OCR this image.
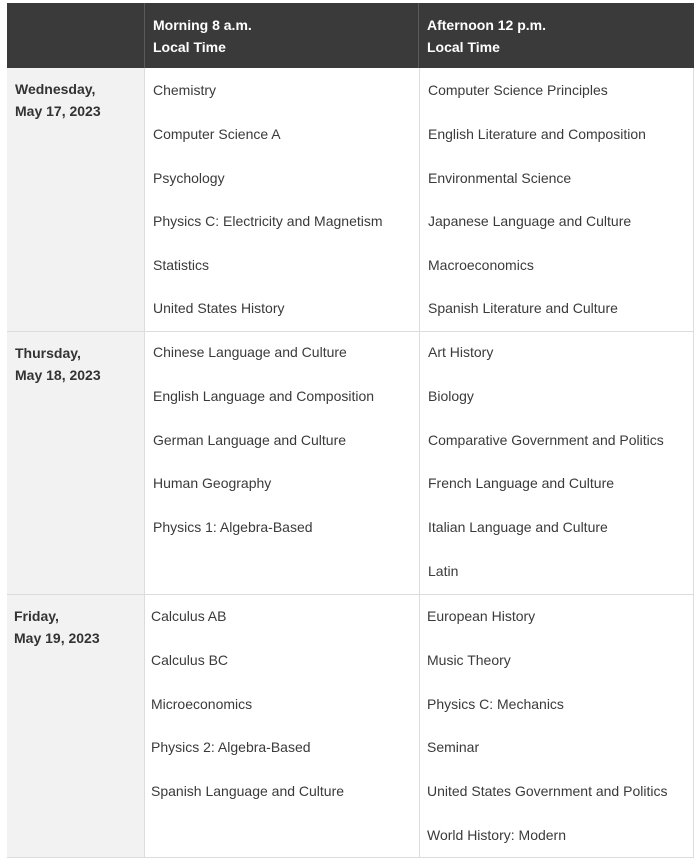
Morning 8 a.m.
Local Time
Afternoon 12 p.m.
Local Time
Wednesday,
May 17, 2023
Chemistry
Computer Science A
Psychology
Physics C: Electricity and Magnetism
Statistics
United States History
Computer Science Principles
English Literature and Composition
Environmental Science
Japanese Language and Culture
Macroeconomics
Spanish Literature and Culture
Thursday,
May 18, 2023
Chinese Language and Culture
English Language and Composition
German Language and Culture
Human Geography
Physics 1: Algebra-Based
Art History
Biology
Comparative Government and Politics
French Language and Culture
Italian Language and Culture
Latin
Friday,
May 19, 2023
Calculus AB
Calculus BC
Microeconomics
Physics 2: Algebra-Based
Spanish Language and Culture
European History
Music Theory
Physics C: Mechanics
Seminar
United States Government and Politics
World History: Modern
